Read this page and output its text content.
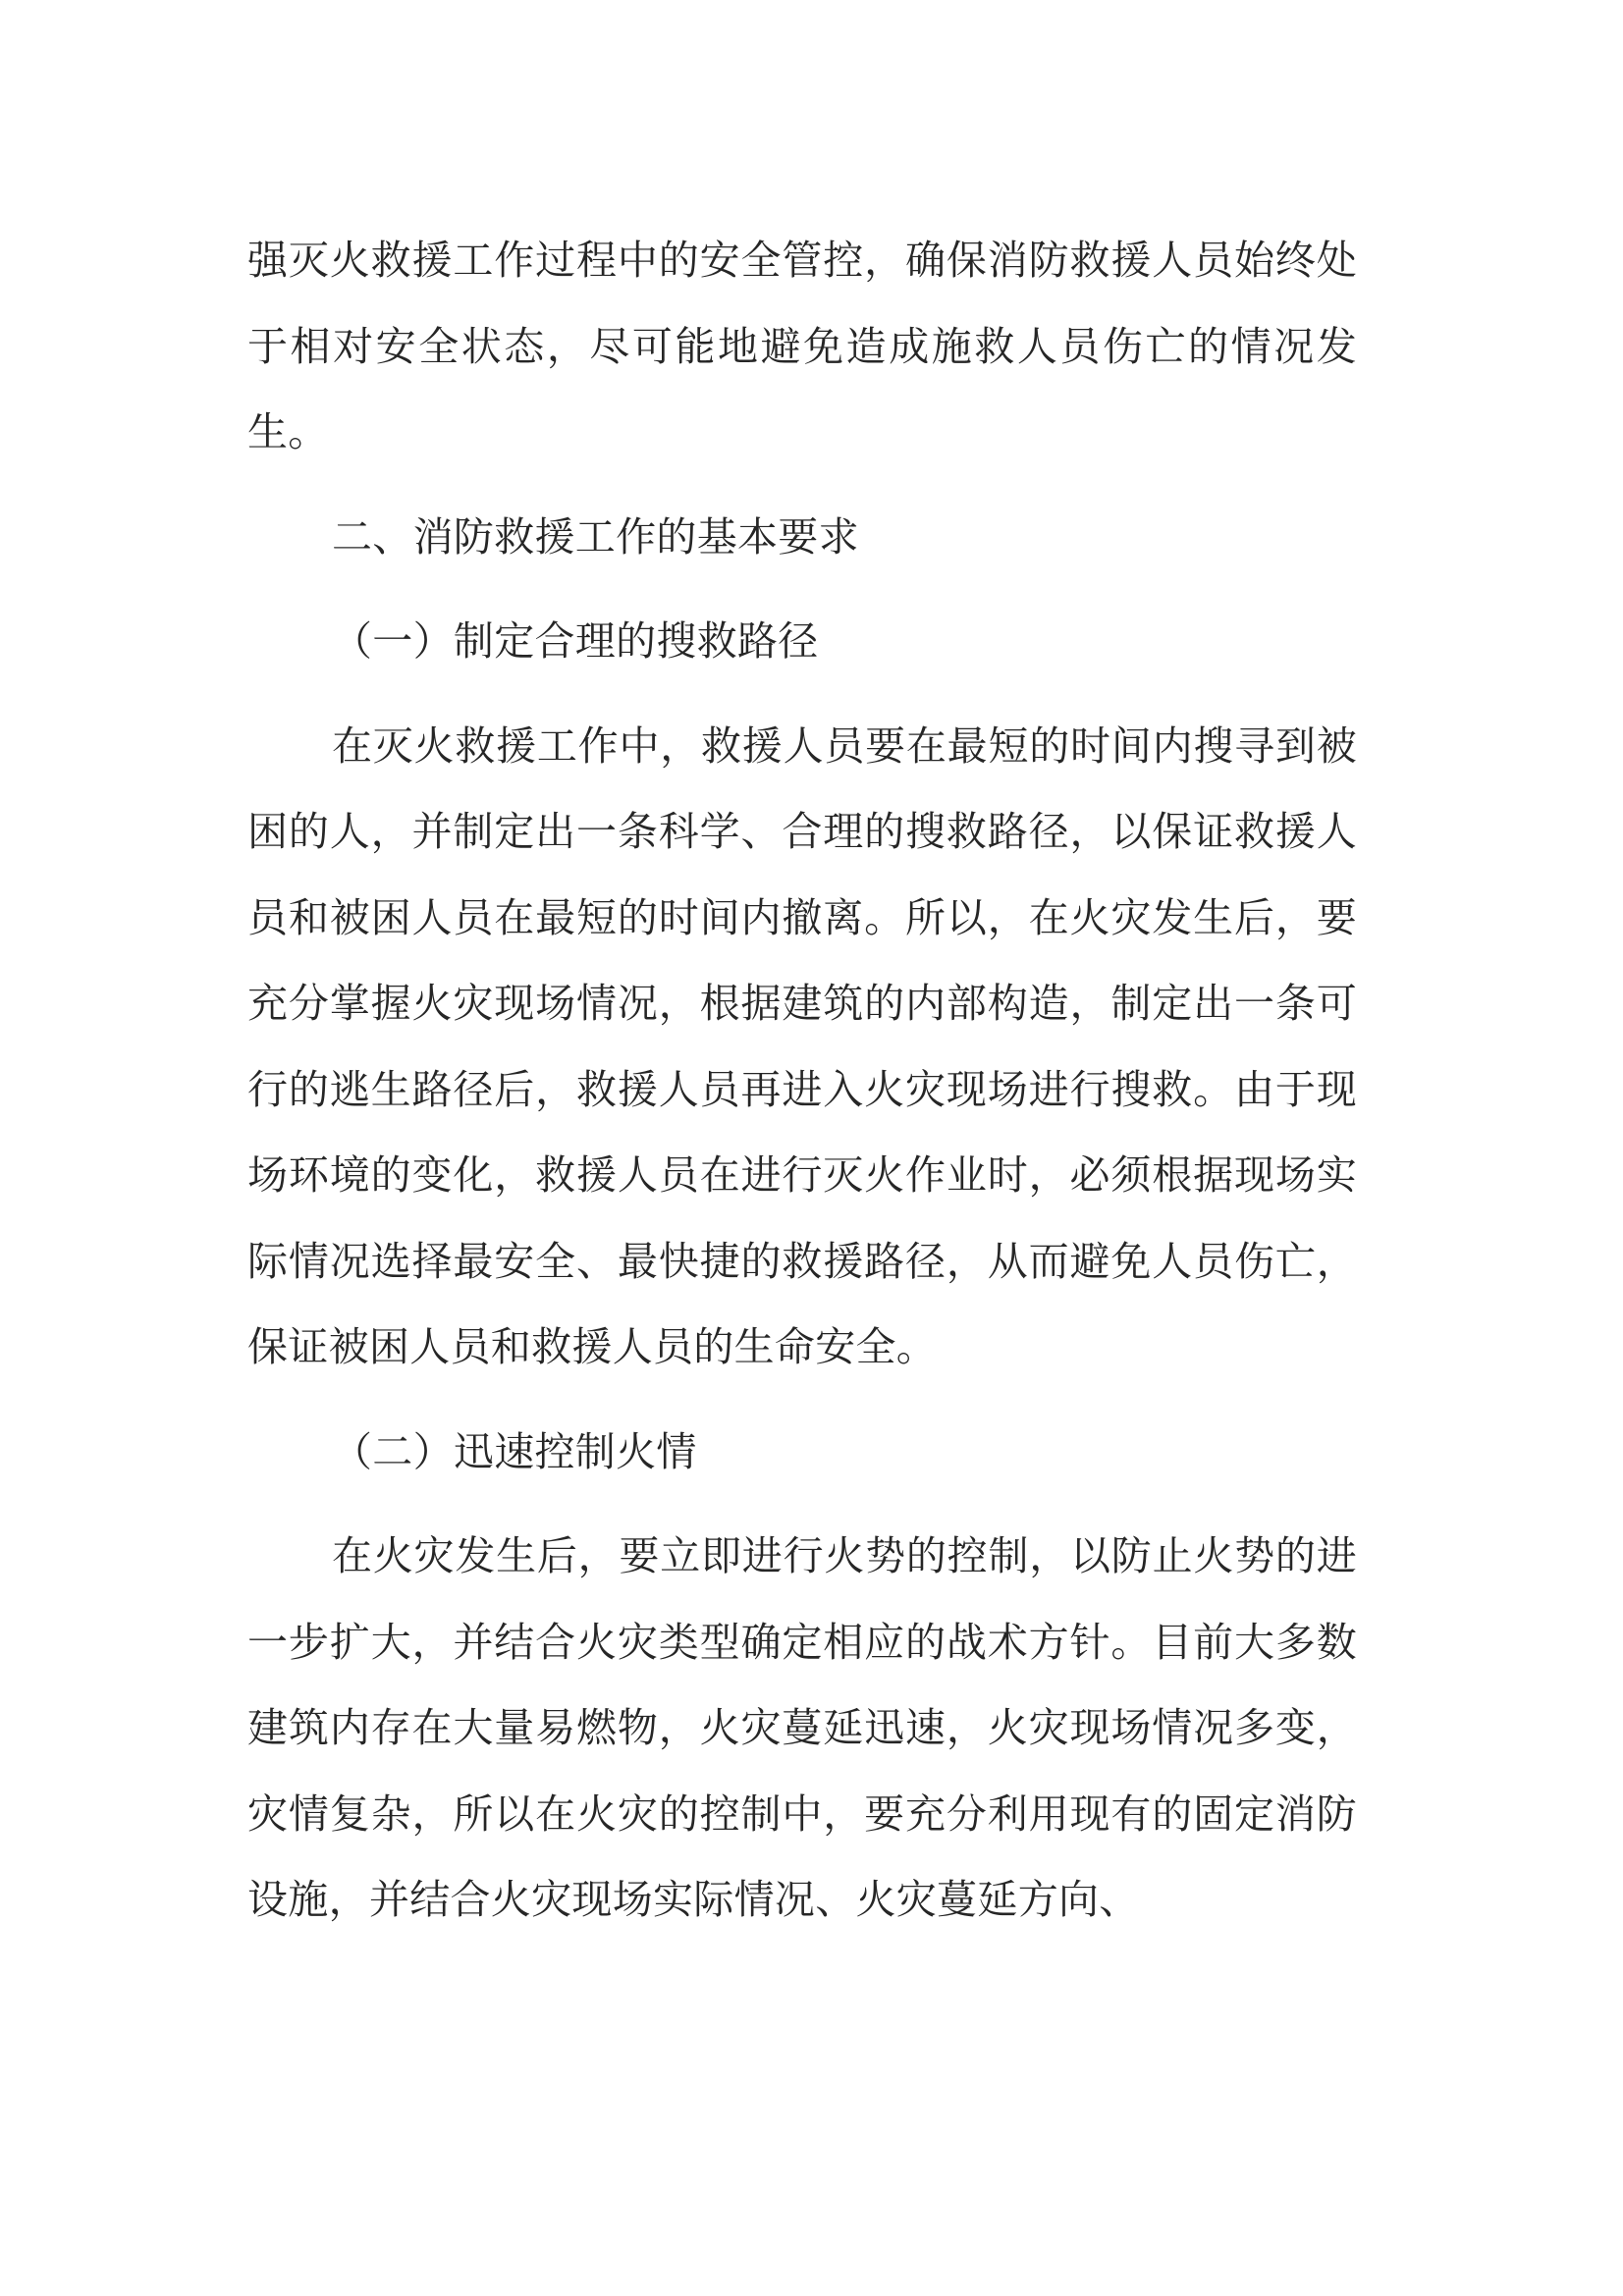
强灭火救援工作过程中的安全管控，确保消防救援人员始终处于相对安全状态，尽可能地避免造成施救人员伤亡的情况发生。

二、消防救援工作的基本要求

（一）制定合理的搜救路径

在灭火救援工作中，救援人员要在最短的时间内搜寻到被困的人，并制定出一条科学、合理的搜救路径，以保证救援人员和被困人员在最短的时间内撤离。所以，在火灾发生后，要充分掌握火灾现场情况，根据建筑的内部构造，制定出一条可行的逃生路径后，救援人员再进入火灾现场进行搜救。由于现场环境的变化，救援人员在进行灭火作业时，必须根据现场实际情况选择最安全、最快捷的救援路径，从而避免人员伤亡，保证被困人员和救援人员的生命安全。

（二）迅速控制火情

在火灾发生后，要立即进行火势的控制，以防止火势的进一步扩大，并结合火灾类型确定相应的战术方针。目前大多数建筑内存在大量易燃物，火灾蔓延迅速，火灾现场情况多变，灾情复杂，所以在火灾的控制中，要充分利用现有的固定消防设施，并结合火灾现场实际情况、火灾蔓延方向、
